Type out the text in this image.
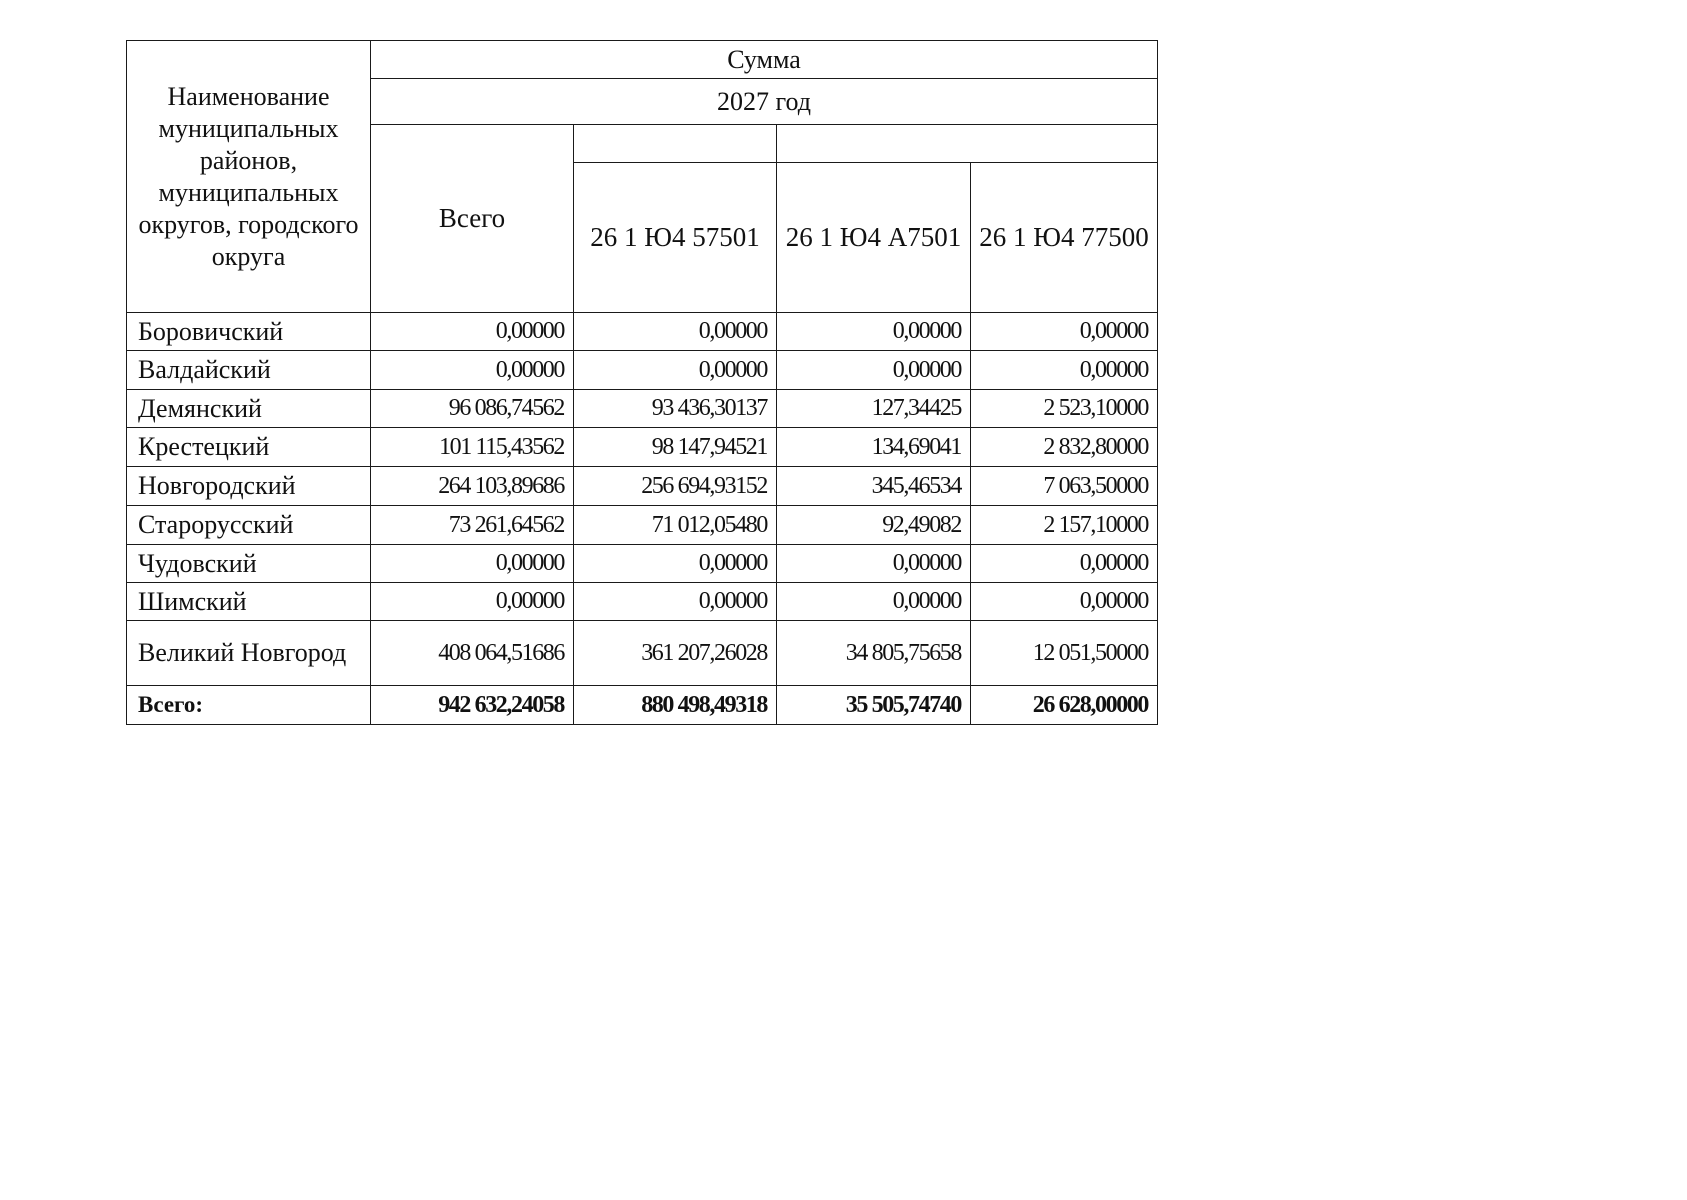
Наименование муниципальных районов, муниципальных округов, городского округа	Сумма			
	2027 год			
	Всего			
		26 1 Ю4 57501	26 1 Ю4 А7501	26 1 Ю4 77500
Боровичский	0,00000	0,00000	0,00000	0,00000
Валдайский	0,00000	0,00000	0,00000	0,00000
Демянский	96 086,74562	93 436,30137	127,34425	2 523,10000
Крестецкий	101 115,43562	98 147,94521	134,69041	2 832,80000
Новгородский	264 103,89686	256 694,93152	345,46534	7 063,50000
Старорусский	73 261,64562	71 012,05480	92,49082	2 157,10000
Чудовский	0,00000	0,00000	0,00000	0,00000
Шимский	0,00000	0,00000	0,00000	0,00000
Великий Новгород	408 064,51686	361 207,26028	34 805,75658	12 051,50000
Всего:	942 632,24058	880 498,49318	35 505,74740	26 628,00000
